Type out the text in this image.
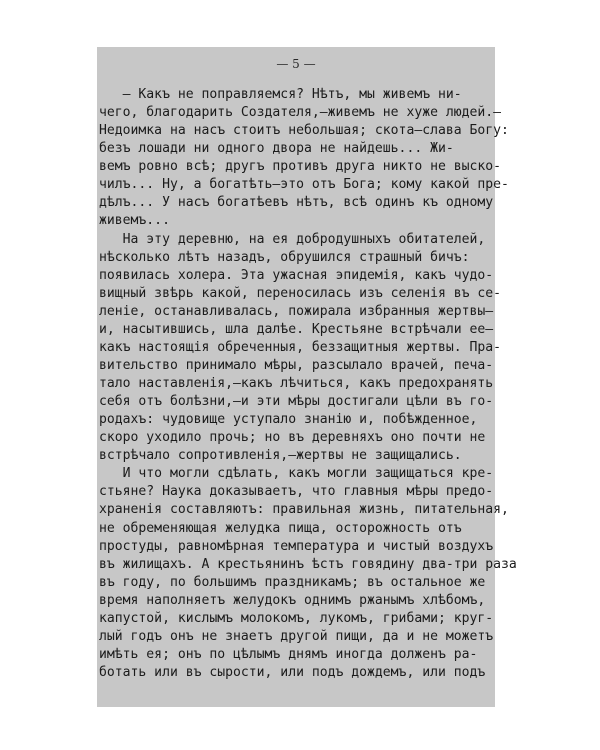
— 5 —
— Какъ не поправляемся? Нѣтъ, мы живемъ ни-
чего, благодарить Создателя,—живемъ не хуже людей.—
Недоимка на насъ стоитъ небольшая; скота—слава Богу:
безъ лошади ни одного двора не найдешь... Жи-
вемъ ровно всѣ; другъ противъ друга никто не выско-
чилъ... Ну, а богатѣть—это отъ Бога; кому какой пре-
дѣлъ... У насъ богатѣевъ нѣтъ, всѣ одинъ къ одному
живемъ...
На эту деревню, на ея добродушныхъ обитателей,
нѣсколько лѣтъ назадъ, обрушился страшный бичъ:
появилась холера. Эта ужасная эпидемія, какъ чудо-
вищный звѣрь какой, переносилась изъ селенія въ се-
леніе, останавливалась, пожирала избранныя жертвы—
и, насытившись, шла далѣе. Крестьяне встрѣчали ее—
какъ настоящія обреченныя, беззащитныя жертвы. Пра-
вительство принимало мѣры, разсылало врачей, печа-
тало наставленія,—какъ лѣчиться, какъ предохранять
себя отъ болѣзни,—и эти мѣры достигали цѣли въ го-
родахъ: чудовище уступало знанію и, побѣжденное,
скоро уходило прочь; но въ деревняхъ оно почти не
встрѣчало сопротивленія,—жертвы не защищались.
И что могли сдѣлать, какъ могли защищаться кре-
стьяне? Наука доказываетъ, что главныя мѣры предо-
храненія составляютъ: правильная жизнь, питательная,
не обременяющая желудка пища, осторожность отъ
простуды, равномѣрная температура и чистый воздухъ
въ жилищахъ. А крестьянинъ ѣстъ говядину два-три раза
въ году, по большимъ праздникамъ; въ остальное же
время наполняетъ желудокъ однимъ ржанымъ хлѣбомъ,
капустой, кислымъ молокомъ, лукомъ, грибами; круг-
лый годъ онъ не знаетъ другой пищи, да и не можетъ
имѣть ея; онъ по цѣлымъ днямъ иногда долженъ ра-
ботать или въ сырости, или подъ дождемъ, или подъ
